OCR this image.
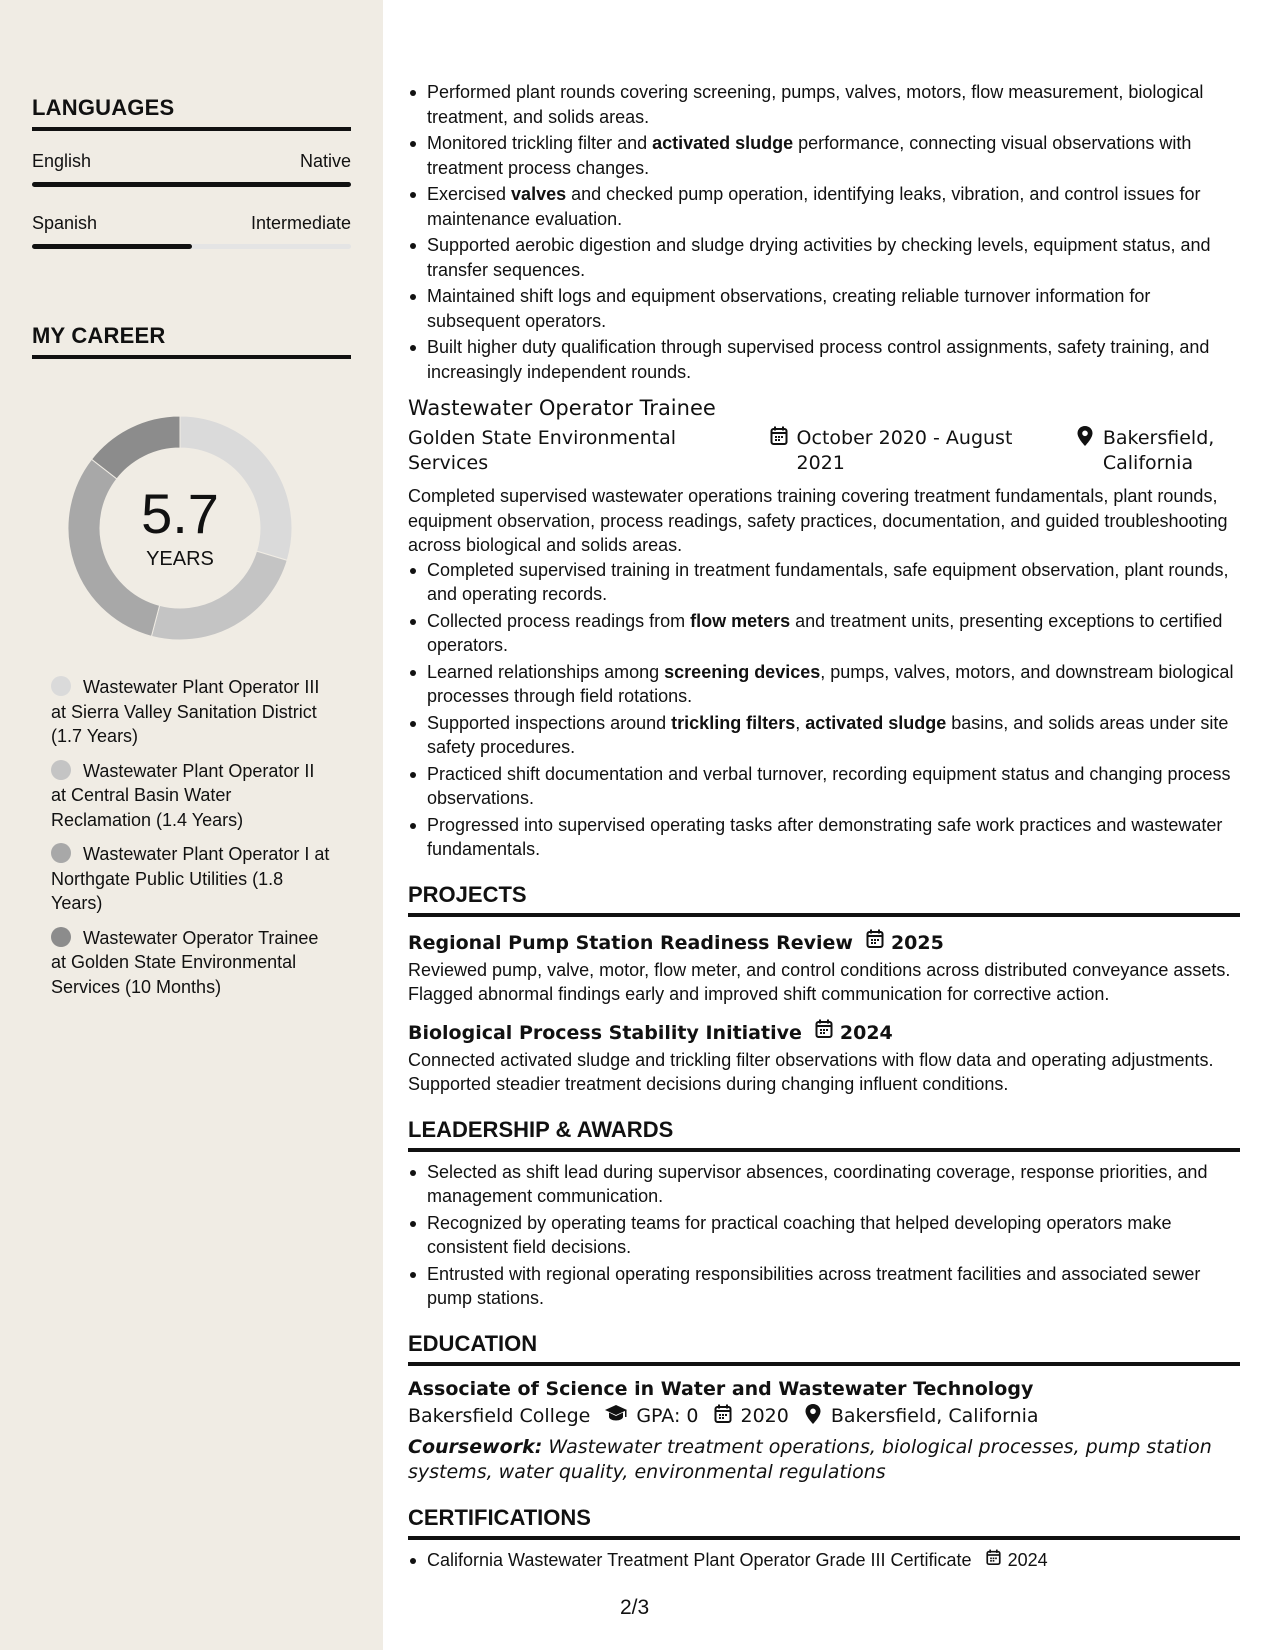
LANGUAGES
English	Native
Spanish	Intermediate
MY CAREER
5.7
YEARS
Wastewater Plant Operator III at Sierra Valley Sanitation District (1.7 Years)
Wastewater Plant Operator II at Central Basin Water Reclamation (1.4 Years)
Wastewater Plant Operator I at Northgate Public Utilities (1.8 Years)
Wastewater Operator Trainee at Golden State Environmental Services (10 Months)
Performed plant rounds covering screening, pumps, valves, motors, flow measurement, biological treatment, and solids areas.
Monitored trickling filter and activated sludge performance, connecting visual observations with treatment process changes.
Exercised valves and checked pump operation, identifying leaks, vibration, and control issues for maintenance evaluation.
Supported aerobic digestion and sludge drying activities by checking levels, equipment status, and transfer sequences.
Maintained shift logs and equipment observations, creating reliable turnover information for subsequent operators.
Built higher duty qualification through supervised process control assignments, safety training, and increasingly independent rounds.
Wastewater Operator Trainee
Golden State Environmental Services
October 2020 - August 2021
Bakersfield, California
Completed supervised wastewater operations training covering treatment fundamentals, plant rounds, equipment observation, process readings, safety practices, documentation, and guided troubleshooting across biological and solids areas.
Completed supervised training in treatment fundamentals, safe equipment observation, plant rounds, and operating records.
Collected process readings from flow meters and treatment units, presenting exceptions to certified operators.
Learned relationships among screening devices, pumps, valves, motors, and downstream biological processes through field rotations.
Supported inspections around trickling filters, activated sludge basins, and solids areas under site safety procedures.
Practiced shift documentation and verbal turnover, recording equipment status and changing process observations.
Progressed into supervised operating tasks after demonstrating safe work practices and wastewater fundamentals.
PROJECTS
Regional Pump Station Readiness Review 2025
Reviewed pump, valve, motor, flow meter, and control conditions across distributed conveyance assets. Flagged abnormal findings early and improved shift communication for corrective action.
Biological Process Stability Initiative 2024
Connected activated sludge and trickling filter observations with flow data and operating adjustments. Supported steadier treatment decisions during changing influent conditions.
LEADERSHIP & AWARDS
Selected as shift lead during supervisor absences, coordinating coverage, response priorities, and management communication.
Recognized by operating teams for practical coaching that helped developing operators make consistent field decisions.
Entrusted with regional operating responsibilities across treatment facilities and associated sewer pump stations.
EDUCATION
Associate of Science in Water and Wastewater Technology
Bakersfield College GPA: 0 2020 Bakersfield, California
Coursework: Wastewater treatment operations, biological processes, pump station systems, water quality, environmental regulations
CERTIFICATIONS
California Wastewater Treatment Plant Operator Grade III Certificate 2024
2/3
